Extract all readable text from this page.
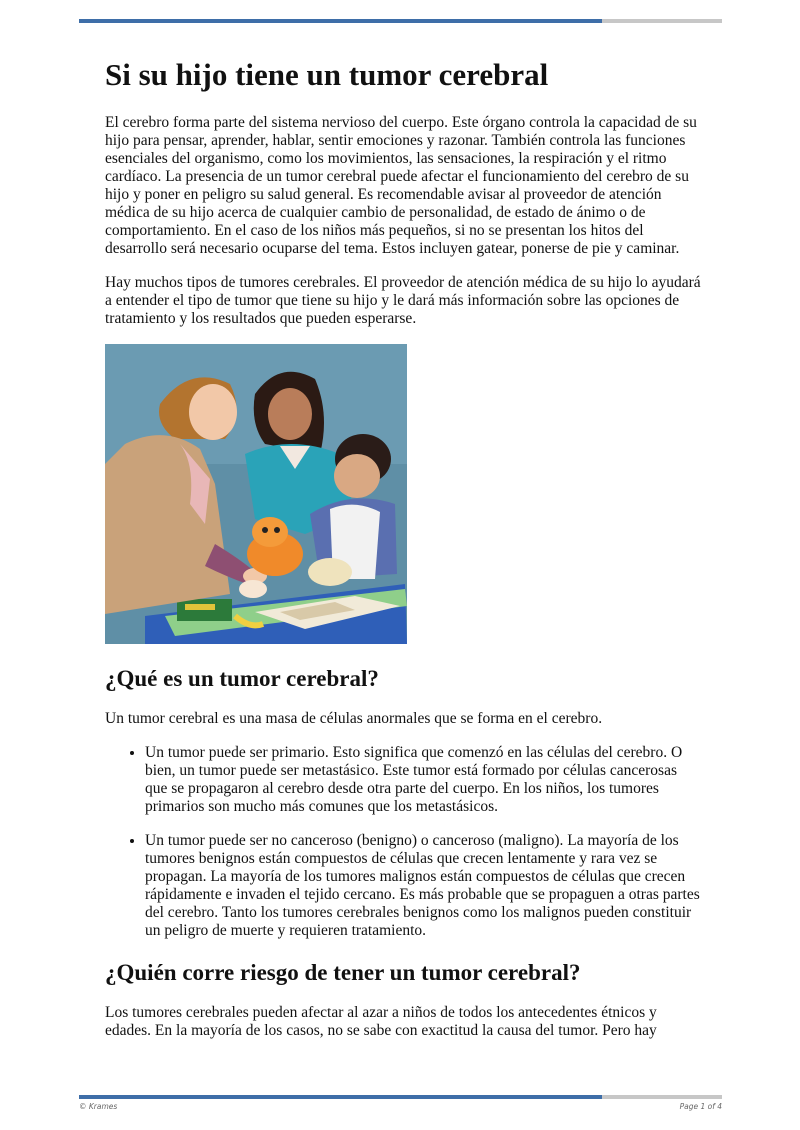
Si su hijo tiene un tumor cerebral

El cerebro forma parte del sistema nervioso del cuerpo. Este órgano controla la capacidad de su hijo para pensar, aprender, hablar, sentir emociones y razonar. También controla las funciones esenciales del organismo, como los movimientos, las sensaciones, la respiración y el ritmo cardíaco. La presencia de un tumor cerebral puede afectar el funcionamiento del cerebro de su hijo y poner en peligro su salud general. Es recomendable avisar al proveedor de atención médica de su hijo acerca de cualquier cambio de personalidad, de estado de ánimo o de comportamiento. En el caso de los niños más pequeños, si no se presentan los hitos del desarrollo será necesario ocuparse del tema. Estos incluyen gatear, ponerse de pie y caminar.

Hay muchos tipos de tumores cerebrales. El proveedor de atención médica de su hijo lo ayudará a entender el tipo de tumor que tiene su hijo y le dará más información sobre las opciones de tratamiento y los resultados que pueden esperarse.

¿Qué es un tumor cerebral?

Un tumor cerebral es una masa de células anormales que se forma en el cerebro.

• Un tumor puede ser primario. Esto significa que comenzó en las células del cerebro. O bien, un tumor puede ser metastásico. Este tumor está formado por células cancerosas que se propagaron al cerebro desde otra parte del cuerpo. En los niños, los tumores primarios son mucho más comunes que los metastásicos.
• Un tumor puede ser no canceroso (benigno) o canceroso (maligno). La mayoría de los tumores benignos están compuestos de células que crecen lentamente y rara vez se propagan. La mayoría de los tumores malignos están compuestos de células que crecen rápidamente e invaden el tejido cercano. Es más probable que se propaguen a otras partes del cerebro. Tanto los tumores cerebrales benignos como los malignos pueden constituir un peligro de muerte y requieren tratamiento.
¿Quién corre riesgo de tener un tumor cerebral?

Los tumores cerebrales pueden afectar al azar a niños de todos los antecedentes étnicos y edades. En la mayoría de los casos, no se sabe con exactitud la causa del tumor. Pero hay

© Krames	Page 1 of 4
